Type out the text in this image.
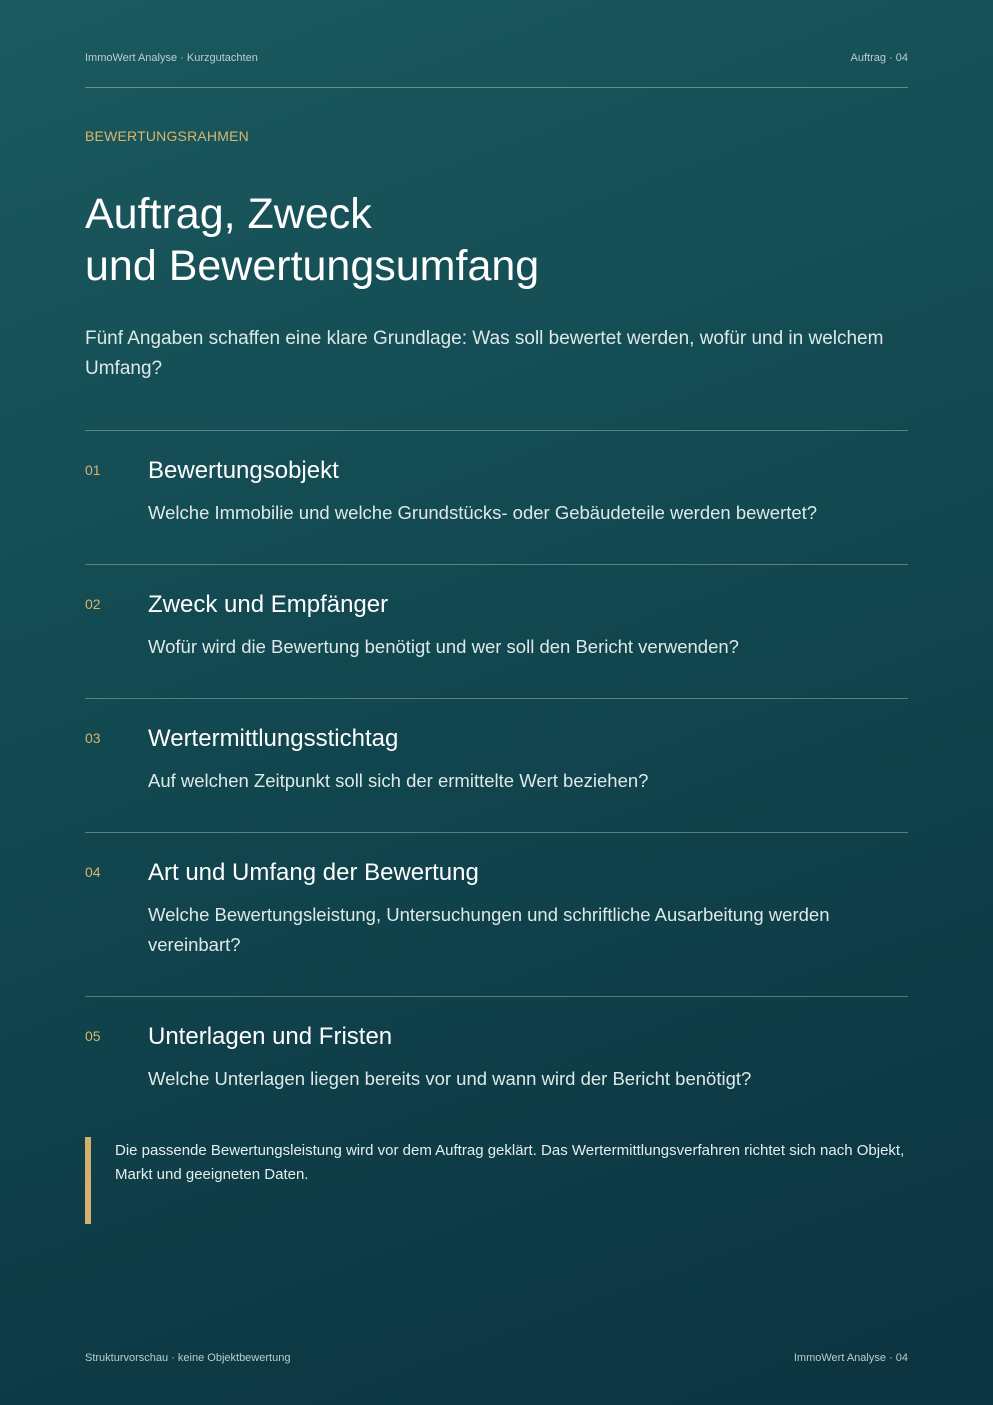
ImmoWert Analyse · Kurzgutachten	Auftrag · 04
BEWERTUNGSRAHMEN
Auftrag, Zweck
und Bewertungsumfang

Fünf Angaben schaffen eine klare Grundlage: Was soll bewertet werden, wofür und in welchem Umfang?

01 Bewertungsobjekt

Welche Immobilie und welche Grundstücks- oder Gebäudeteile werden bewertet?

02 Zweck und Empfänger

Wofür wird die Bewertung benötigt und wer soll den Bericht verwenden?

03 Wertermittlungsstichtag

Auf welchen Zeitpunkt soll sich der ermittelte Wert beziehen?

04 Art und Umfang der Bewertung

Welche Bewertungsleistung, Untersuchungen und schriftliche Ausarbeitung werden vereinbart?

05 Unterlagen und Fristen

Welche Unterlagen liegen bereits vor und wann wird der Bericht benötigt?

Die passende Bewertungsleistung wird vor dem Auftrag geklärt. Das Wertermittlungsverfahren richtet sich nach Objekt, Markt und geeigneten Daten.

Strukturvorschau · keine Objektbewertung	ImmoWert Analyse · 04
